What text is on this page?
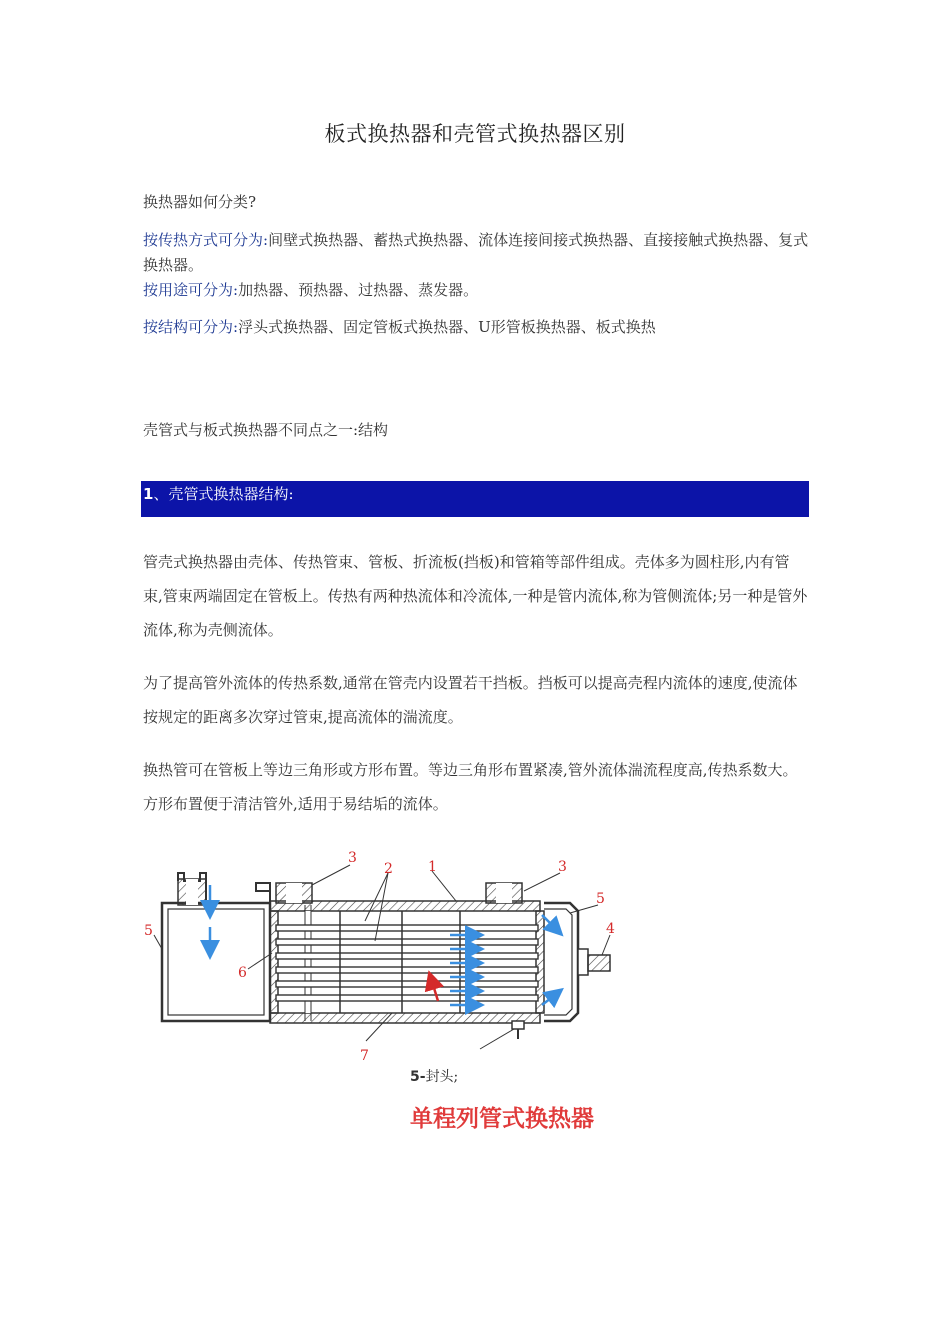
板式换热器和壳管式换热器区别
换热器如何分类?
按传热方式可分为:间壁式换热器、蓄热式换热器、流体连接间接式换热器、直接接触式换热器、复式换热器。
按用途可分为:加热器、预热器、过热器、蒸发器。
按结构可分为:浮头式换热器、固定管板式换热器、U形管板换热器、板式换热
壳管式与板式换热器不同点之一:结构
1、壳管式换热器结构:
管壳式换热器由壳体、传热管束、管板、折流板(挡板)和管箱等部件组成。壳体多为圆柱形,内有管束,管束两端固定在管板上。传热有两种热流体和冷流体,一种是管内流体,称为管侧流体;另一种是管外流体,称为壳侧流体。
为了提高管外流体的传热系数,通常在管壳内设置若干挡板。挡板可以提高壳程内流体的速度,使流体按规定的距离多次穿过管束,提高流体的湍流度。
换热管可在管板上等边三角形或方形布置。等边三角形布置紧凑,管外流体湍流程度高,传热系数大。方形布置便于清洁管外,适用于易结垢的流体。
3
2	1	3
5
4
5
6
7
5-封头;
单程列管式换热器
